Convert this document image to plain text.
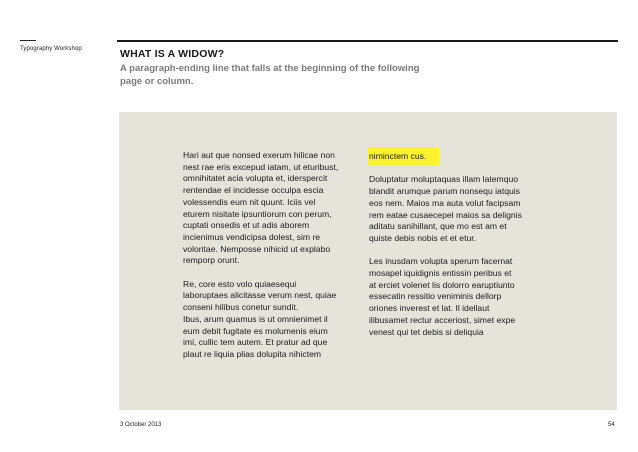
Typography Workshop	WHAT IS A WIDOW?
A paragraph-ending line that falls at the beginning of the following page or column.
Hari aut que nonsed exerum hilicae non
nest rae eris excepud iatam, ut eturibust,
omnihitatet acia volupta et, iderspercit
rentendae el incidesse occulpa escia
volessendis eum nit quunt. Iciis vel
eturem nisitate ipsuntiorum con perum,
cuptati onsedis et ut adis aborem
incienimus vendicipsa dolest, sim re
voloritae. Nemposse nihicid ut explabo
remporp orunt.
Re, core esto volo quiaesequi
laboruptaes alicitasse verum nest, quiae
conseni hilibus conetur sundit.
Ibus, arum quamus is ut omnienimet il
eum debit fugitate es molumenis eium
imi, cullic tem autem. Et pratur ad que
plaut re liquia plias dolupita nihictem
niminctem cus.
Doluptatur moluptaquas illam latemquo
blandit arumque parum nonsequ iatquis
eos nem. Maios ma auta volut facipsam
rem eatae cusaecepel maios sa delignis
aditatu sanihillant, que mo est am et
quiste debis nobis et et etur.
Les inusdam volupta sperum facernat
mosapel iquidignis entissin peribus et
at erciet volenet lis dolorro earuptiunto
essecatin ressitio veniminis dellorp
oriones inverest et lat. Il idellaut
ilibusamet rectur acceriost, simet expe
venest qui tet debis si deliquia
3 October 2013	54
